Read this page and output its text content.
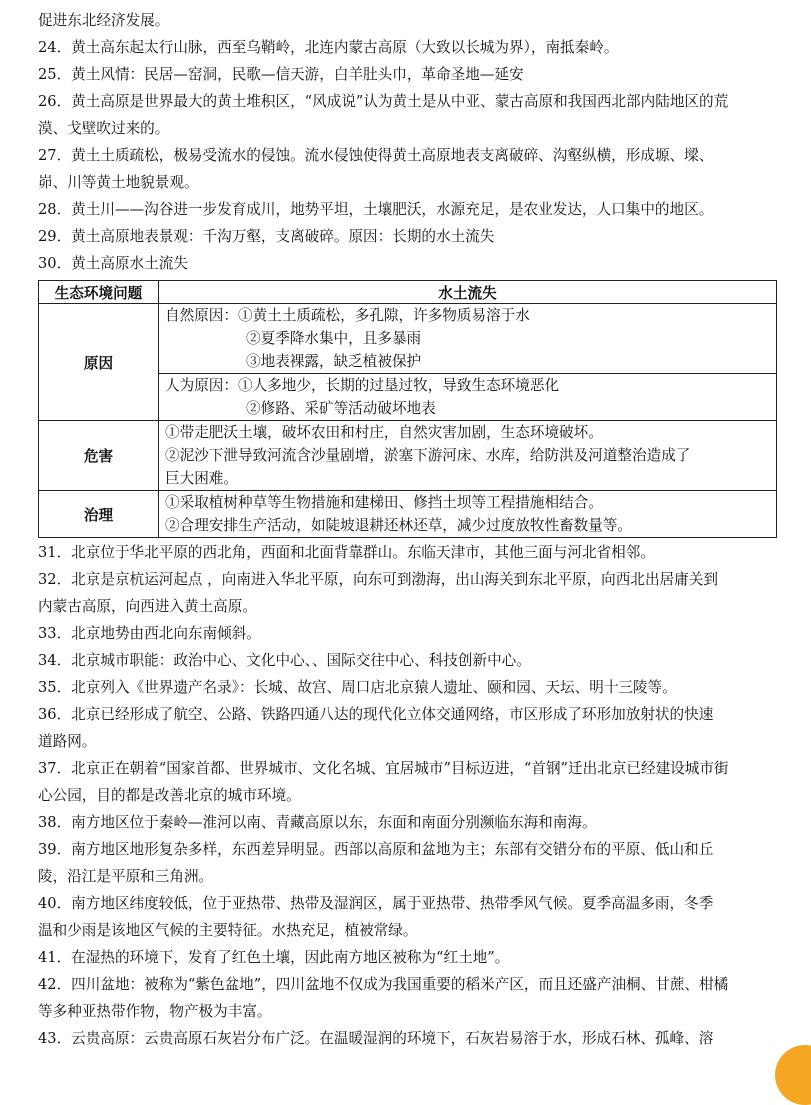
促进东北经济发展。
24．黄土高东起太行山脉，西至乌鞘岭，北连内蒙古高原（大致以长城为界），南抵秦岭。
25．黄土风情：民居—窑洞，民歌—信天游，白羊肚头巾，革命圣地—延安
26．黄土高原是世界最大的黄土堆积区，“风成说”认为黄土是从中亚、蒙古高原和我国西北部内陆地区的荒
漠、戈壁吹过来的。
27．黄土土质疏松，极易受流水的侵蚀。流水侵蚀使得黄土高原地表支离破碎、沟壑纵横，形成塬、墚、
峁、川等黄土地貌景观。
28．黄土川——沟谷进一步发育成川，地势平坦，土壤肥沃，水源充足，是农业发达，人口集中的地区。
29．黄土高原地表景观：千沟万壑，支离破碎。原因：长期的水土流失
30．黄土高原水土流失
生态环境问题	水土流失
原因	自然原因：①黄土土质疏松，多孔隙，许多物质易溶于水
②夏季降水集中，且多暴雨
③地表裸露，缺乏植被保护

	人为原因：①人多地少，长期的过垦过牧，导致生态环境恶化
②修路、采矿等活动破坏地表

危害	①带走肥沃土壤，破坏农田和村庄，自然灾害加剧，生态环境破坏。
②泥沙下泄导致河流含沙量剧增，淤塞下游河床、水库，给防洪及河道整治造成了
巨大困难。

治理	①采取植树种草等生物措施和建梯田、修挡土坝等工程措施相结合。
②合理安排生产活动，如陡坡退耕还林还草，减少过度放牧性畜数量等。
31．北京位于华北平原的西北角，西面和北面背靠群山。东临天津市，其他三面与河北省相邻。
32．北京是京杭运河起点 ，向南进入华北平原，向东可到渤海，出山海关到东北平原，向西北出居庸关到
内蒙古高原，向西进入黄土高原。
33．北京地势由西北向东南倾斜。
34．北京城市职能：政治中心、文化中心、、国际交往中心、科技创新中心。
35．北京列入《世界遗产名录》：长城、故宫、周口店北京猿人遗址、颐和园、天坛、明十三陵等。
36．北京已经形成了航空、公路、铁路四通八达的现代化立体交通网络，市区形成了环形加放射状的快速
道路网。
37．北京正在朝着“国家首都、世界城市、文化名城、宜居城市”目标迈进，“首钢”迁出北京已经建设城市街
心公园，目的都是改善北京的城市环境。
38．南方地区位于秦岭—淮河以南、青藏高原以东，东面和南面分别濒临东海和南海。
39．南方地区地形复杂多样，东西差异明显。西部以高原和盆地为主；东部有交错分布的平原、低山和丘
陵，沿江是平原和三角洲。
40．南方地区纬度较低，位于亚热带、热带及湿润区，属于亚热带、热带季风气候。夏季高温多雨，冬季
温和少雨是该地区气候的主要特征。水热充足，植被常绿。
41．在湿热的环境下，发育了红色土壤，因此南方地区被称为“红土地”。
42．四川盆地：被称为“紫色盆地”，四川盆地不仅成为我国重要的稻米产区，而且还盛产油桐、甘蔗、柑橘
等多种亚热带作物，物产极为丰富。
43．云贵高原：云贵高原石灰岩分布广泛。在温暖湿润的环境下，石灰岩易溶于水，形成石林、孤峰、溶
